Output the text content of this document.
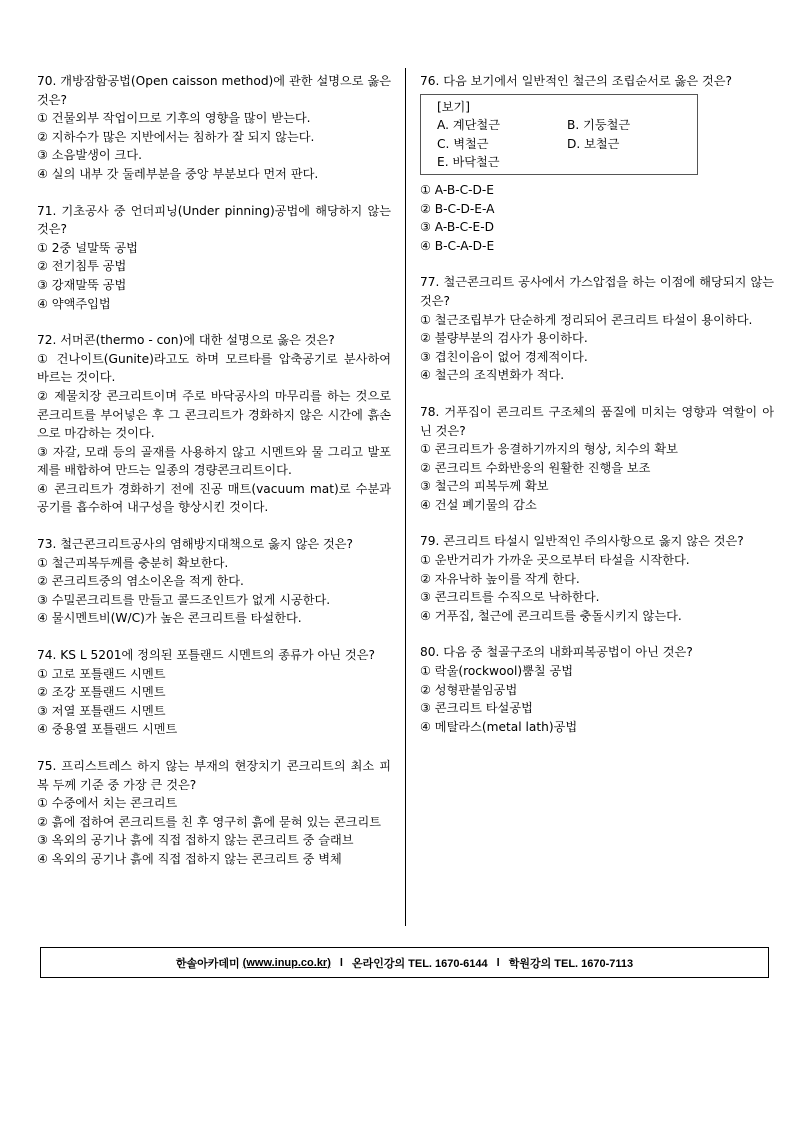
70. 개방잠함공법(Open caisson method)에 관한 설명으로 옳은 것은?
① 건물외부 작업이므로 기후의 영향을 많이 받는다.
② 지하수가 많은 지반에서는 침하가 잘 되지 않는다.
③ 소음발생이 크다.
④ 실의 내부 갓 둘레부분을 중앙 부분보다 먼저 판다.
71. 기초공사 중 언더피닝(Under pinning)공법에 해당하지 않는 것은?
① 2중 널말뚝 공법
② 전기침투 공법
③ 강재말뚝 공법
④ 약액주입법
72. 서머콘(thermo - con)에 대한 설명으로 옳은 것은?
① 건나이트(Gunite)라고도 하며 모르타를 압축공기로 분사하여 바르는 것이다.
② 제물치장 콘크리트이며 주로 바닥공사의 마무리를 하는 것으로 콘크리트를 부어넣은 후 그 콘크리트가 경화하지 않은 시간에 흙손으로 마감하는 것이다.
③ 자갈, 모래 등의 골재를 사용하지 않고 시멘트와 물 그리고 발포제를 배합하여 만드는 일종의 경량콘크리트이다.
④ 콘크리트가 경화하기 전에 진공 매트(vacuum mat)로 수분과 공기를 흡수하여 내구성을 향상시킨 것이다.
73. 철근콘크리트공사의 염해방지대책으로 옳지 않은 것은?
① 철근피복두께를 충분히 확보한다.
② 콘크리트중의 염소이온을 적게 한다.
③ 수밀콘크리트를 만들고 콜드조인트가 없게 시공한다.
④ 물시멘트비(W/C)가 높은 콘크리트를 타설한다.
74. KS L 5201에 정의된 포틀랜드 시멘트의 종류가 아닌 것은?
① 고로 포틀랜드 시멘트
② 조강 포틀랜드 시멘트
③ 저열 포틀랜드 시멘트
④ 중용열 포틀랜드 시멘트
75. 프리스트레스 하지 않는 부재의 현장치기 콘크리트의 최소 피복 두께 기준 중 가장 큰 것은?
① 수중에서 치는 콘크리트
② 흙에 접하여 콘크리트를 친 후 영구히 흙에 묻혀 있는 콘크리트
③ 옥외의 공기나 흙에 직접 접하지 않는 콘크리트 중 슬래브
④ 옥외의 공기나 흙에 직접 접하지 않는 콘크리트 중 벽체
76. 다음 보기에서 일반적인 철근의 조립순서로 옳은 것은?
[보기]
A. 계단철근	B. 기둥철근
C. 벽철근	D. 보철근
E. 바닥철근
① A-B-C-D-E
② B-C-D-E-A
③ A-B-C-E-D
④ B-C-A-D-E
77. 철근콘크리트 공사에서 가스압접을 하는 이점에 해당되지 않는 것은?
① 철근조립부가 단순하게 정리되어 콘크리트 타설이 용이하다.
② 불량부분의 검사가 용이하다.
③ 겹친이음이 없어 경제적이다.
④ 철근의 조직변화가 적다.
78. 거푸집이 콘크리트 구조체의 품질에 미치는 영향과 역할이 아닌 것은?
① 콘크리트가 응결하기까지의 형상, 치수의 확보
② 콘크리트 수화반응의 원활한 진행을 보조
③ 철근의 피복두께 확보
④ 건설 폐기물의 감소
79. 콘크리트 타설시 일반적인 주의사항으로 옳지 않은 것은?
① 운반거리가 가까운 곳으로부터 타설을 시작한다.
② 자유낙하 높이를 작게 한다.
③ 콘크리트를 수직으로 낙하한다.
④ 거푸집, 철근에 콘크리트를 충돌시키지 않는다.
80. 다음 중 철골구조의 내화피복공법이 아닌 것은?
① 락울(rockwool)뿜칠 공법
② 성형판붙임공법
③ 콘크리트 타설공법
④ 메탈라스(metal lath)공법
한솔아카데미
(www.inup.co.kr) l 온라인강의 TEL. 1670-6144 l 학원강의 TEL. 1670-7113
